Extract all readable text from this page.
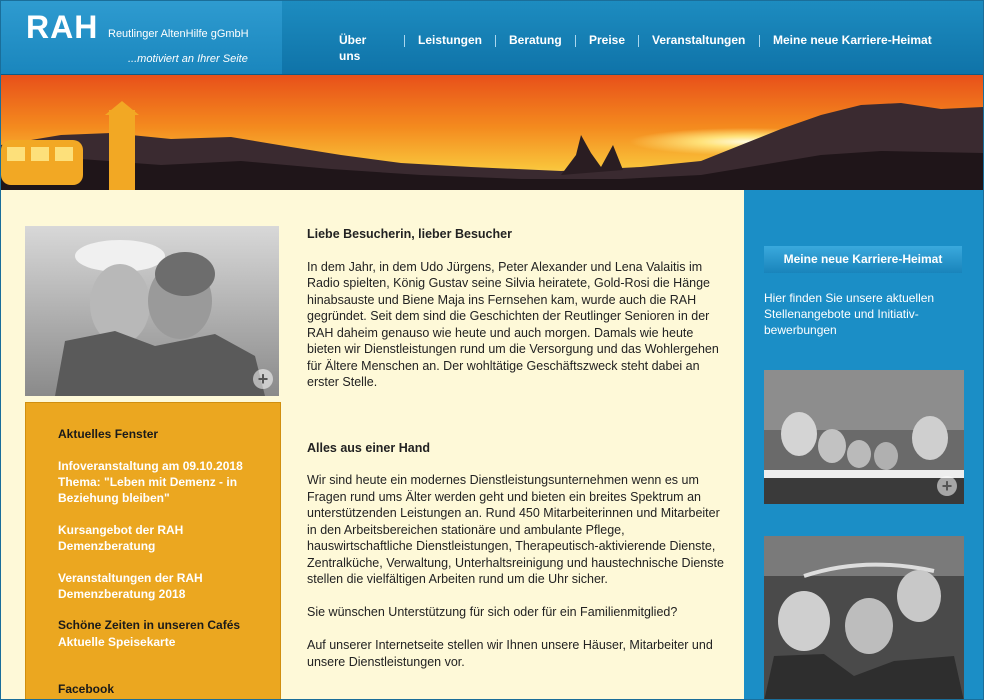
RAH Reutlinger AltenHilfe gGmbH
...motiviert an Ihrer Seite
Über
uns
Leistungen Beratung Preise Veranstaltungen Meine neue Karriere-Heimat
+
Aktuelles Fenster
Infoveranstaltung am 09.10.2018
Thema: "Leben mit Demenz - in
Beziehung bleiben"
Kursangebot der RAH
Demenzberatung
Veranstaltungen der RAH
Demenzberatung 2018
Schöne Zeiten in unseren Cafés
Aktuelle Speisekarte
Facebook
Liebe Besucherin, lieber Besucher

In dem Jahr, in dem Udo Jürgens, Peter Alexander und Lena Valaitis im Radio spielten, König Gustav seine Silvia heiratete, Gold-Rosi die Hänge hinabsauste und Biene Maja ins Fernsehen kam, wurde auch die RAH gegründet. Seit dem sind die Geschichten der Reutlinger Senioren in der RAH daheim genauso wie heute und auch morgen. Damals wie heute bieten wir Dienstleistungen rund um die Versorgung und das Wohlergehen für Ältere Menschen an. Der wohltätige Geschäftszweck steht dabei an erster Stelle.

Alles aus einer Hand

Wir sind heute ein modernes Dienstleistungsunternehmen wenn es um Fragen rund ums Älter werden geht und bieten ein breites Spektrum an unterstützenden Leistungen an. Rund 450 Mitarbeiterinnen und Mitarbeiter in den Arbeitsbereichen stationäre und ambulante Pflege, hauswirtschaftliche Dienstleistungen, Therapeutisch-aktivierende Dienste, Zentralküche, Verwaltung, Unterhaltsreinigung und haustechnische Dienste stellen die vielfältigen Arbeiten rund um die Uhr sicher.

Sie wünschen Unterstützung für sich oder für ein Familienmitglied?

Auf unserer Internetseite stellen wir Ihnen unsere Häuser, Mitarbeiter und unsere Dienstleistungen vor.

Meine neue Karriere-Heimat
Hier finden Sie unsere aktuellen Stellenangebote und Initiativ-bewerbungen
+
